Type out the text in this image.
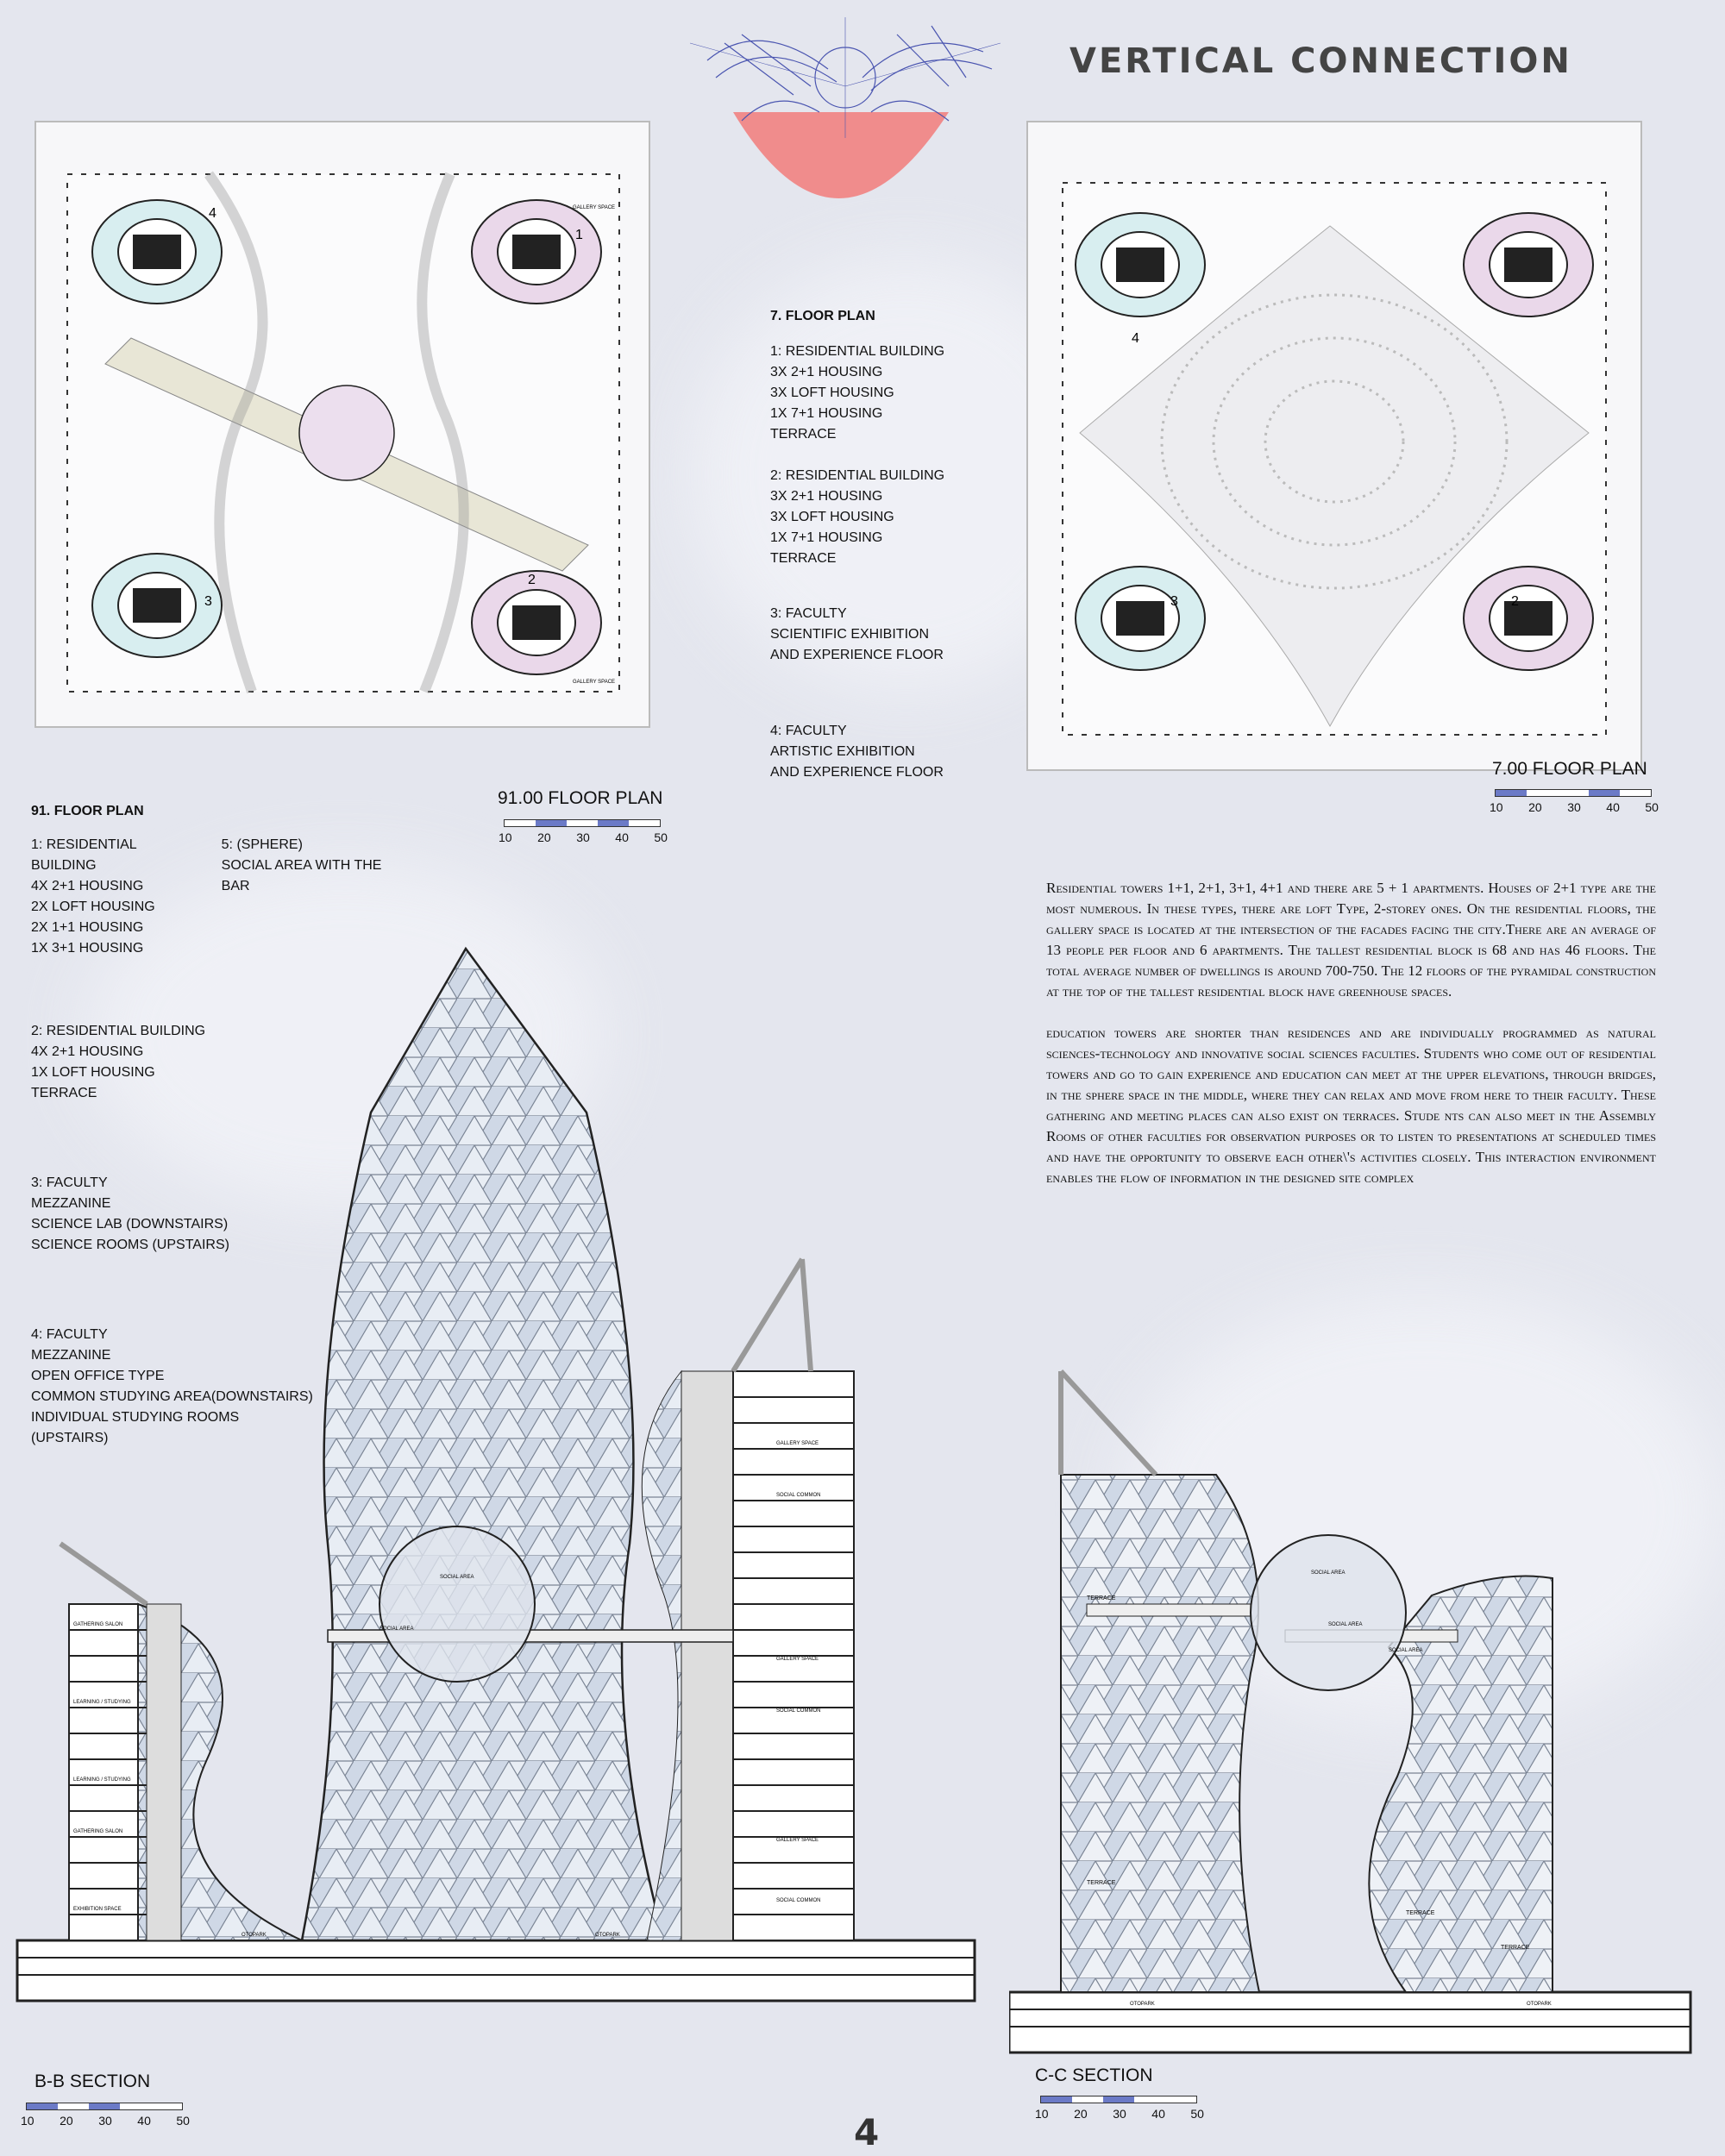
VERTICAL CONNECTION
4
1
3
2
GALLERY SPACE
GALLERY SPACE
4
3	2
7. FLOOR PLAN
1: RESIDENTIAL BUILDING
3X 2+1 HOUSING
3X LOFT HOUSING
1X 7+1 HOUSING
TERRACE
2: RESIDENTIAL BUILDING
3X 2+1 HOUSING
3X LOFT HOUSING
1X 7+1 HOUSING
TERRACE
3: FACULTY
SCIENTIFIC EXHIBITION
AND EXPERIENCE FLOOR
4: FACULTY
ARTISTIC EXHIBITION
AND EXPERIENCE FLOOR
91.00 FLOOR PLAN
10 20 30 40 50
7.00 FLOOR PLAN
10 20 30 40 50
91. FLOOR PLAN
1: RESIDENTIAL BUILDING
4X 2+1 HOUSING
2X LOFT HOUSING
2X 1+1 HOUSING
1X 3+1 HOUSING
5: (SPHERE)
SOCIAL AREA WITH THE BAR
2: RESIDENTIAL BUILDING
4X 2+1 HOUSING
1X LOFT HOUSING
TERRACE
3: FACULTY
MEZZANINE
SCIENCE LAB (DOWNSTAIRS)
SCIENCE ROOMS (UPSTAIRS)
4: FACULTY
MEZZANINE
OPEN OFFICE TYPE
COMMON STUDYING AREA(DOWNSTAIRS)
INDIVIDUAL STUDYING ROOMS
(UPSTAIRS)

Residential towers 1+1, 2+1, 3+1, 4+1 and there are 5 + 1 apartments. Houses of 2+1 type are the most numerous. In these types, there are loft Type, 2-storey ones. On the residential floors, the gallery space is located at the intersection of the facades facing the city.There are an average of 13 people per floor and 6 apartments. The tallest residential block is 68 and has 46 floors. The total average number of dwellings is around 700-750. The 12 floors of the pyramidal construction at the top of the tallest residential block have greenhouse spaces.

education towers are shorter than residences and are individually programmed as natural sciences-technology and innovative social sciences faculties. Students who come out of residential towers and go to gain experience and education can meet at the upper elevations, through bridges, in the sphere space in the middle, where they can relax and move from here to their faculty. These gathering and meeting places can also exist on terraces. Stude nts can also meet in the Assembly Rooms of other faculties for observation purposes or to listen to presentations at scheduled times and have the opportunity to observe each other\'s activities closely. This interaction environment enables the flow of information in the designed site complex

GATHERING SALON
LEARNING / STUDYING
LEARNING / STUDYING
GATHERING SALON
EXHIBITION SPACE
GALLERY SPACE
SOCIAL COMMON
GALLERY SPACE
SOCIAL COMMON
GALLERY SPACE
SOCIAL COMMON
SOCIAL AREA
SOCIAL AREA
OTOPARK	OTOPARK
TERRACE
TERRACE
TERRACE
TERRACE
SOCIAL AREA
SOCIAL AREA
SOCIAL AREA
OTOPARK	OTOPARK
B-B SECTION
10 20 30 40 50
C-C SECTION
10 20 30 40 50
4
